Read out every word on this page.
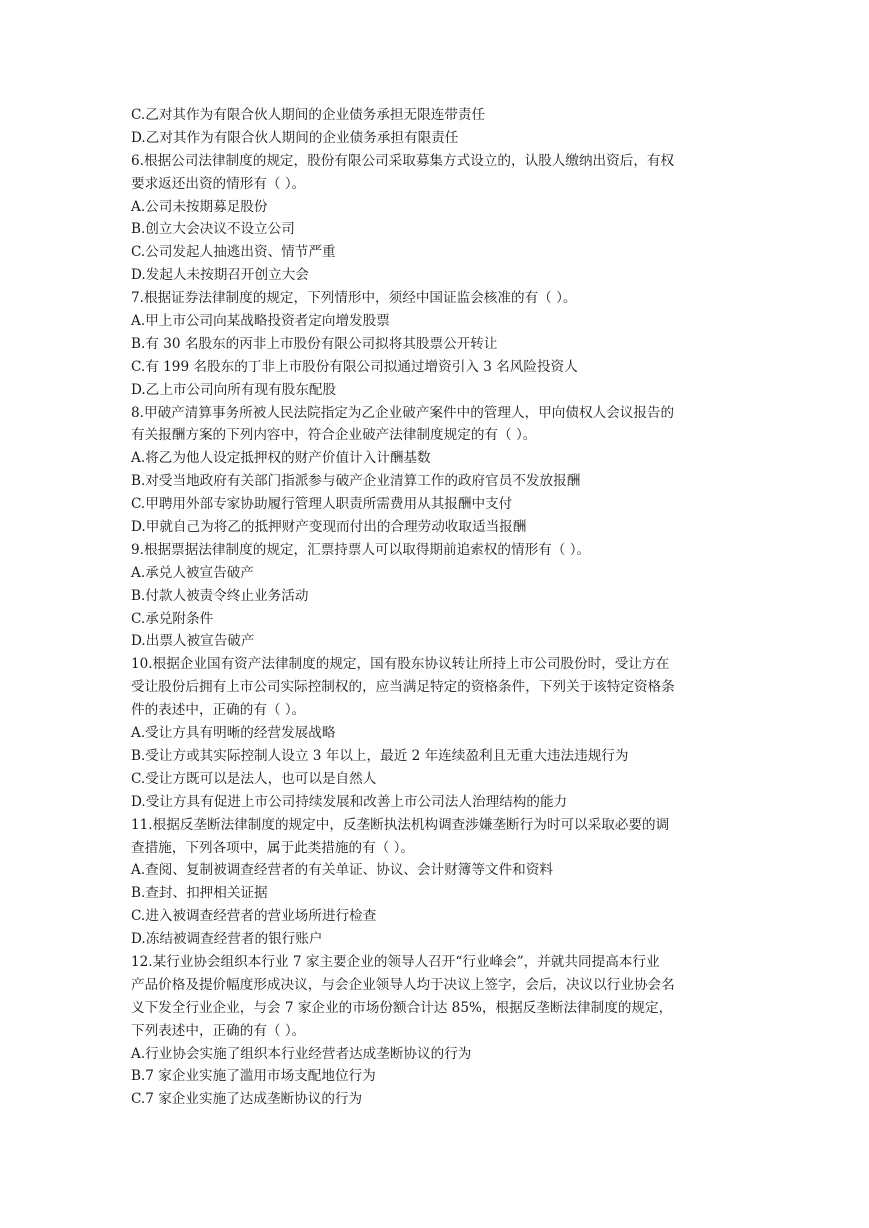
C.乙对其作为有限合伙人期间的企业债务承担无限连带责任
D.乙对其作为有限合伙人期间的企业债务承担有限责任
6.根据公司法律制度的规定，股份有限公司采取募集方式设立的，认股人缴纳出资后，有权
要求返还出资的情形有（ ）。
A.公司未按期募足股份
B.创立大会决议不设立公司
C.公司发起人抽逃出资、情节严重
D.发起人未按期召开创立大会
7.根据证券法律制度的规定，下列情形中，须经中国证监会核准的有（ ）。
A.甲上市公司向某战略投资者定向增发股票
B.有 30 名股东的丙非上市股份有限公司拟将其股票公开转让
C.有 199 名股东的丁非上市股份有限公司拟通过增资引入 3 名风险投资人
D.乙上市公司向所有现有股东配股
8.甲破产清算事务所被人民法院指定为乙企业破产案件中的管理人，甲向债权人会议报告的
有关报酬方案的下列内容中，符合企业破产法律制度规定的有（ ）。
A.将乙为他人设定抵押权的财产价值计入计酬基数
B.对受当地政府有关部门指派参与破产企业清算工作的政府官员不发放报酬
C.甲聘用外部专家协助履行管理人职责所需费用从其报酬中支付
D.甲就自己为将乙的抵押财产变现而付出的合理劳动收取适当报酬
9.根据票据法律制度的规定，汇票持票人可以取得期前追索权的情形有（ ）。
A.承兑人被宣告破产
B.付款人被责令终止业务活动
C.承兑附条件
D.出票人被宣告破产
10.根据企业国有资产法律制度的规定，国有股东协议转让所持上市公司股份时，受让方在
受让股份后拥有上市公司实际控制权的，应当满足特定的资格条件，下列关于该特定资格条
件的表述中，正确的有（ ）。
A.受让方具有明晰的经营发展战略
B.受让方或其实际控制人设立 3 年以上，最近 2 年连续盈利且无重大违法违规行为
C.受让方既可以是法人，也可以是自然人
D.受让方具有促进上市公司持续发展和改善上市公司法人治理结构的能力
11.根据反垄断法律制度的规定中，反垄断执法机构调查涉嫌垄断行为时可以采取必要的调
查措施，下列各项中，属于此类措施的有（ ）。
A.查阅、复制被调查经营者的有关单证、协议、会计财簿等文件和资料
B.查封、扣押相关证据
C.进入被调查经营者的营业场所进行检查
D.冻结被调查经营者的银行账户
12.某行业协会组织本行业 7 家主要企业的领导人召开“行业峰会”，并就共同提高本行业
产品价格及提价幅度形成决议，与会企业领导人均于决议上签字，会后，决议以行业协会名
义下发全行业企业，与会 7 家企业的市场份额合计达 85%，根据反垄断法律制度的规定，
下列表述中，正确的有（ ）。
A.行业协会实施了组织本行业经营者达成垄断协议的行为
B.7 家企业实施了滥用市场支配地位行为
C.7 家企业实施了达成垄断协议的行为
